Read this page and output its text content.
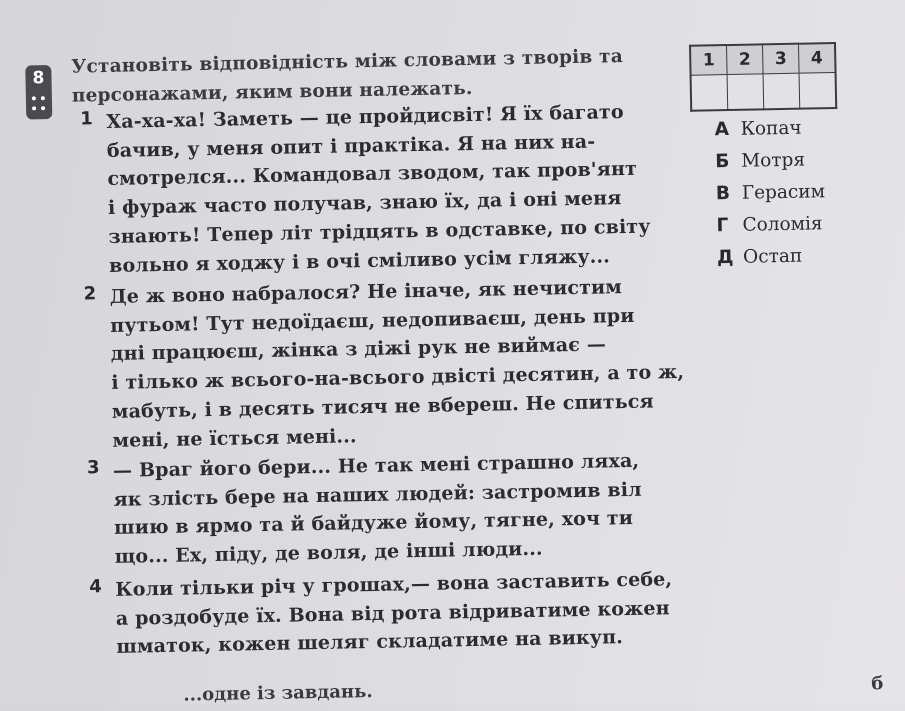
8
Установіть відповідність між словами з творів та
персонажами, яким вони належать.
1	2	3	4

А Копач
Б Мотря
В Герасим
Г Соломія
Д Остап
1 Ха-ха-ха! Заметь — це пройдисвіт! Я їх багато
бачив, у меня опит і практіка. Я на них на-
смотрелся... Командовал зводом, так пров'янт
і фураж часто получав, знаю їх, да і оні меня
знають! Тепер літ трідцять в одставке, по світу
вольно я ходжу і в очі сміливо усім гляжу...
2 Де ж воно набралося? Не іначе, як нечистим
путьом! Тут недоїдаєш, недопиваєш, день при
дні працюєш, жінка з діжі рук не виймає —
і тілько ж всього-на-всього двісті десятин, а то ж,
мабуть, і в десять тисяч не вбереш. Не спиться
мені, не їсться мені...
3 — Враг його бери... Не так мені страшно ляха,
як злість бере на наших людей: застромив віл
шию в ярмо та й байдуже йому, тягне, хоч ти
що... Ех, піду, де воля, де інші люди...
4 Коли тільки річ у грошах,— вона заставить себе,
а роздобуде їх. Вона від рота відриватиме кожен
шматок, кожен шеляг складатиме на викуп.
...одне із завдань.	б
